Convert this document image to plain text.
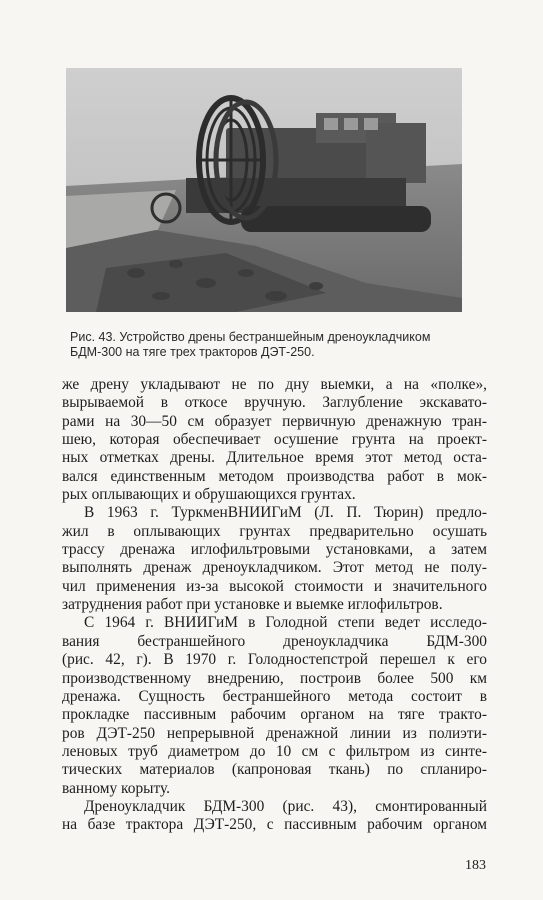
Рис. 43. Устройство дрены бестраншейным дреноукладчиком
БДМ-300 на тяге трех тракторов ДЭТ-250.
же дрену укладывают не по дну выемки, а на «полке»,
вырываемой в откосе вручную. Заглубление экскавато-
рами на 30—50 см образует первичную дренажную тран-
шею, которая обеспечивает осушение грунта на проект-
ных отметках дрены. Длительное время этот метод оста-
вался единственным методом производства работ в мок-
рых оплывающих и обрушающихся грунтах.
В 1963 г. ТуркменВНИИГиМ (Л. П. Тюрин) предло-
жил в оплывающих грунтах предварительно осушать
трассу дренажа иглофильтровыми установками, а затем
выполнять дренаж дреноукладчиком. Этот метод не полу-
чил применения из-за высокой стоимости и значительного
затруднения работ при установке и выемке иглофильтров.
С 1964 г. ВНИИГиМ в Голодной степи ведет исследо-
вания бестраншейного дреноукладчика БДМ-300
(рис. 42, г). В 1970 г. Голодностепстрой перешел к его
производственному внедрению, построив более 500 км
дренажа. Сущность бестраншейного метода состоит в
прокладке пассивным рабочим органом на тяге тракто-
ров ДЭТ-250 непрерывной дренажной линии из полиэти-
леновых труб диаметром до 10 см с фильтром из синте-
тических материалов (капроновая ткань) по спланиро-
ванному корыту.
Дреноукладчик БДМ-300 (рис. 43), смонтированный
на базе трактора ДЭТ-250, с пассивным рабочим органом
183
